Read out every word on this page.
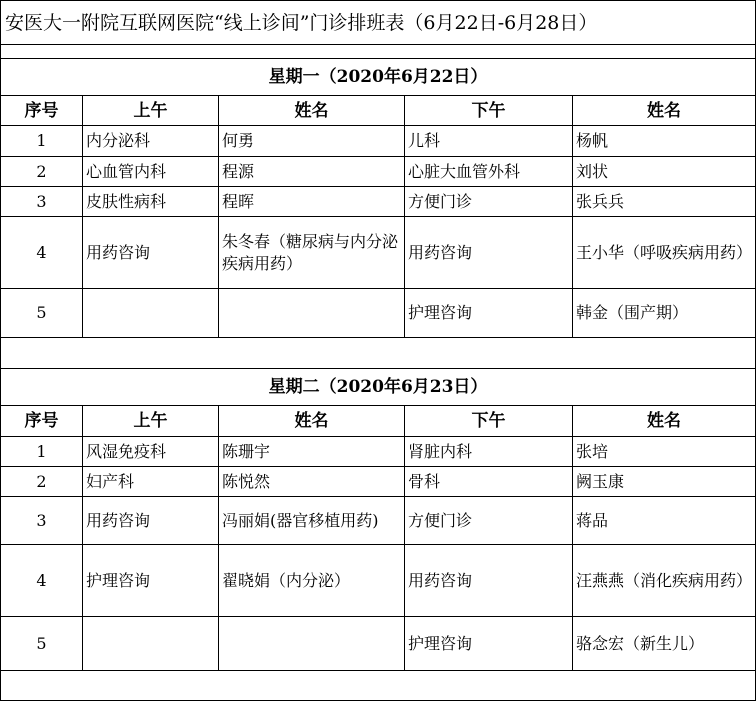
安医大一附院互联网医院“线上诊间”门诊排班表（6月22日-6月28日）				

星期一（2020年6月22日）				
序号	上午	姓名	下午	姓名
1	内分泌科	何勇	儿科	杨帆
2	心血管内科	程源	心脏大血管外科	刘状
3	皮肤性病科	程晖	方便门诊	张兵兵
4	用药咨询	朱冬春（糖尿病与内分泌疾病用药）	用药咨询	王小华（呼吸疾病用药）
5			护理咨询	韩金（围产期）

星期二（2020年6月23日）				
序号	上午	姓名	下午	姓名
1	风湿免疫科	陈珊宇	肾脏内科	张培
2	妇产科	陈悦然	骨科	阙玉康
3	用药咨询	冯丽娟(器官移植用药)	方便门诊	蒋品
4	护理咨询	翟晓娟（内分泌）	用药咨询	汪燕燕（消化疾病用药）
5			护理咨询	骆念宏（新生儿）
